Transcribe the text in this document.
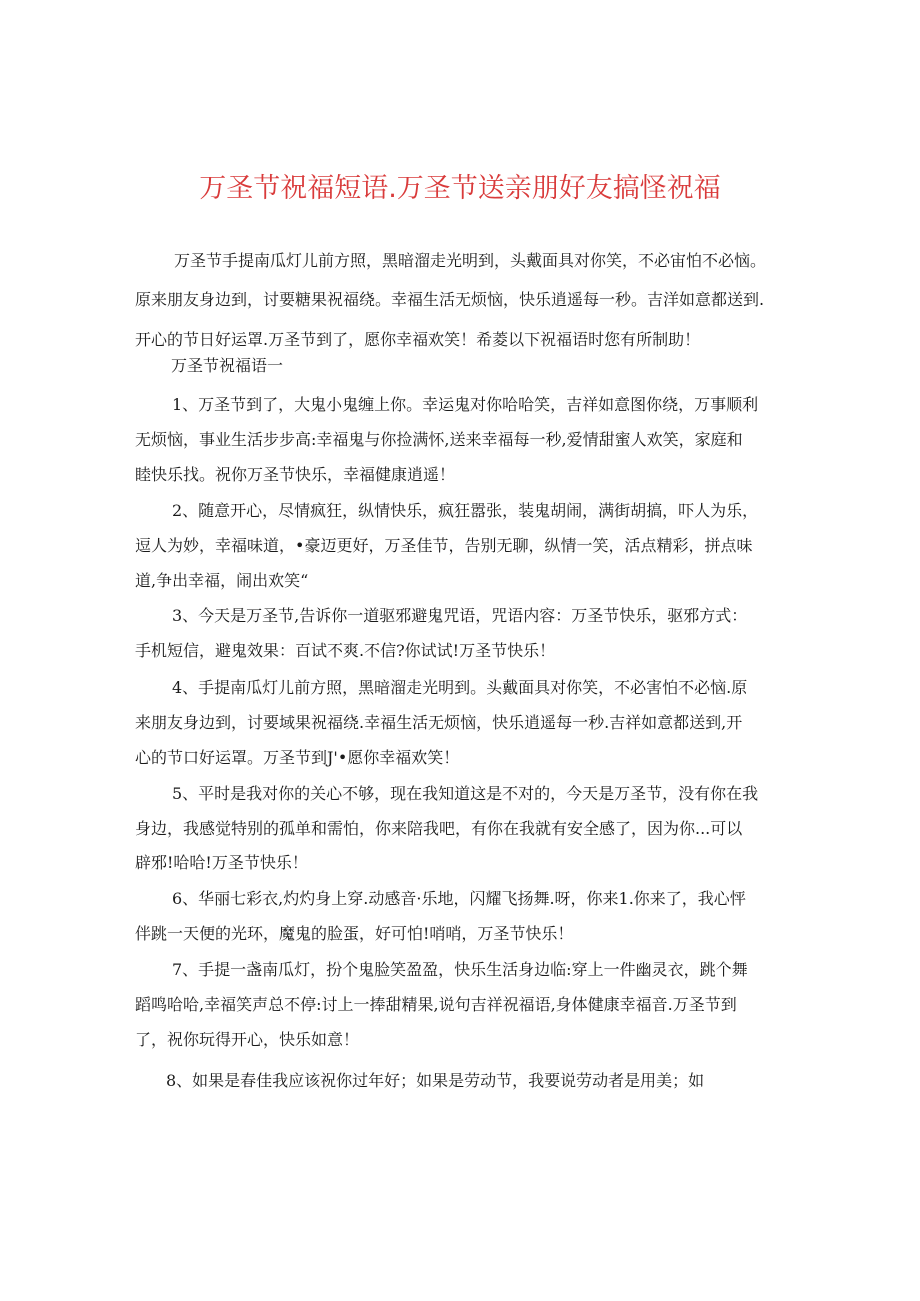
万圣节祝福短语.万圣节送亲朋好友搞怪祝福
万圣节手提南瓜灯儿前方照，黑暗溜走光明到，头戴面具对你笑，不必宙怕不必恼。
原来朋友身边到，讨要糖果祝福绕。幸福生活无烦恼，快乐逍遥每一秒。吉洋如意都送到.
开心的节日好运罩.万圣节到了，愿你幸福欢笑！希菱以下祝福语时您有所制助！
万圣节祝福语一
1、万圣节到了，大鬼小鬼缠上你。幸运鬼对你哈哈笑，吉祥如意图你绕，万事顺利
无烦恼，事业生活步步高:幸福鬼与你捡满怀,送来幸福每一秒,爱情甜蜜人欢笑，家庭和
睦快乐找。祝你万圣节快乐，幸福健康逍遥！
2、随意开心，尽情疯狂，纵情快乐，疯狂嚣张，装鬼胡闹，满街胡搞，吓人为乐，
逗人为妙，幸福味道，•豪迈更好，万圣佳节，告别无聊，纵情一笑，活点精彩，拼点味
道,争出幸福，闹出欢笑“
3、今天是万圣节,告诉你一道驱邪避鬼咒语，咒语内容：万圣节快乐，驱邪方式：
手机短信，避鬼效果：百试不爽.不信?你试试!万圣节快乐！
4、手提南瓜灯儿前方照，黑暗溜走光明到。头戴面具对你笑，不必害怕不必恼.原
来朋友身边到，讨要域果祝福绕.幸福生活无烦恼，快乐逍遥每一秒.吉祥如意都送到,开
心的节口好运罩。万圣节到J'•愿你幸福欢笑！
5、平时是我对你的关心不够，现在我知道这是不对的，今天是万圣节，没有你在我
身边，我感觉特别的孤单和需怕，你来陪我吧，有你在我就有安全感了，因为你...可以
辟邪!哈哈!万圣节快乐！
6、华丽七彩衣,灼灼身上穿.动感音·乐地，闪耀飞扬舞.呀，你来1.你来了，我心怦
伴跳一天便的光环，魔鬼的脸蛋，好可怕!哨哨，万圣节快乐！
7、手提一盏南瓜灯，扮个鬼脸笑盈盈，快乐生活身边临:穿上一件幽灵衣，跳个舞
蹈鸣哈哈,幸福笑声总不停:讨上一捧甜精果,说句吉祥祝福语,身体健康幸福音.万圣节到
了，祝你玩得开心，快乐如意！
8、如果是春佳我应该祝你过年好；如果是劳动节，我要说劳动者是用美；如
